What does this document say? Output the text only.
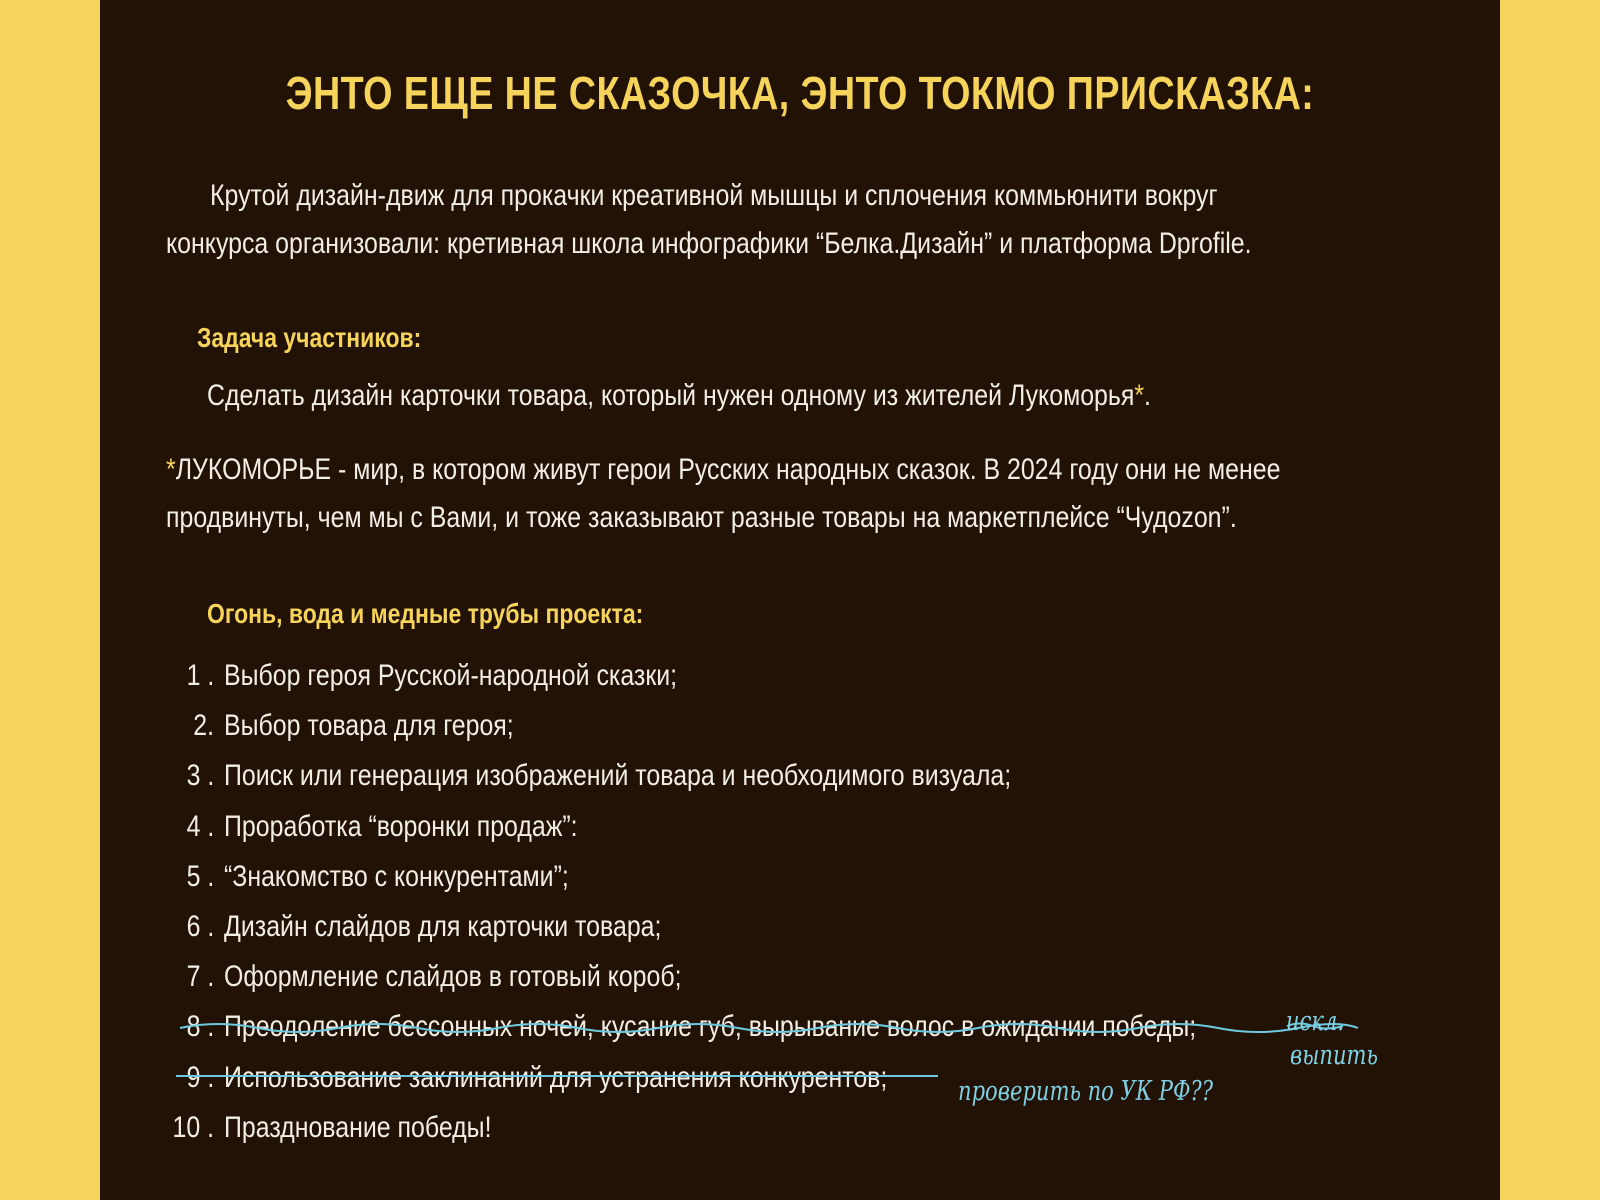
ЭНТО ЕЩЕ НЕ СКАЗОЧКА, ЭНТО ТОКМО ПРИСКАЗКА:

Крутой дизайн-движ для прокачки креативной мышцы и сплочения коммьюнити вокруг
конкурса организовали: кретивная школа инфографики “Белка.Дизайн” и платформа Dprofile.

Задача участников:

Сделать дизайн карточки товара, который нужен одному из жителей Лукоморья*.

*ЛУКОМОРЬЕ - мир, в котором живут герои Русских народных сказок. В 2024 году они не менее
продвинуты, чем мы с Вами, и тоже заказывают разные товары на маркетплейсе “Чудоzon”.

Огонь, вода и медные трубы проекта:
1 . Выбор героя Русской-народной сказки;
2. Выбор товара для героя;
3 . Поиск или генерация изображений товара и необходимого визуала;
4 . Проработка “воронки продаж”:
5 . “Знакомство с конкурентами”;
6 . Дизайн слайдов для карточки товара;
7 . Оформление слайдов в готовый короб;
8 . Преодоление бессонных ночей, кусание губ, вырывание волос в ожидании победы;
9 . Использование заклинаний для устранения конкурентов;
10 . Празднование победы!
искл.
выпить
проверить по УК РФ??
